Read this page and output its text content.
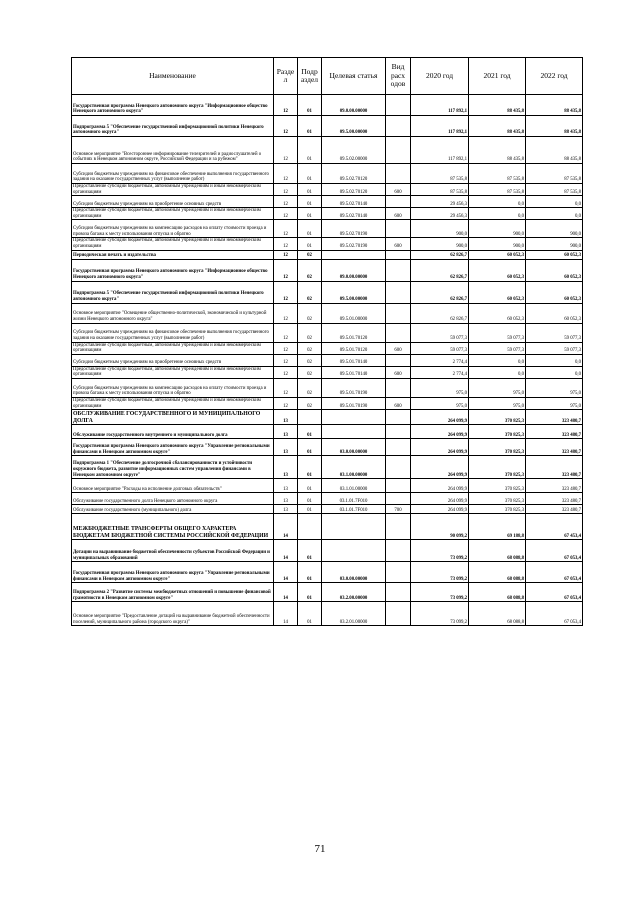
Наименование	Разде л	Подр аздел	Целевая статья	Вид расх одов	2020 год	2021 год	2022 год
Государственная программа Ненецкого автономного округа "Информационное общество Ненецкого автономного округа"	12	01	09.0.00.00000		117 892,1	88 435,8	88 435,8
Подпрограмма 5 "Обеспечение государственной информационной политики Ненецкого автономного округа"	12	01	09.5.00.00000		117 892,1	88 435,8	88 435,8
Основное мероприятие "Всестороннее информирование телезрителей и радиослушателей о событиях в Ненецком автономном округе, Российской Федерации и за рубежом"	12	01	09.5.02.00000		117 892,1	88 435,8	88 435,8
Субсидии бюджетным учреждениям на финансовое обеспечение выполнения государственного задания на оказание государственных услуг (выполнение работ)	12	01	09.5.02.70120		87 535,8	87 535,8	87 535,8
Предоставление субсидий бюджетным, автономным учреждениям и иным некоммерческим организациям	12	01	09.5.02.70120	600	87 535,8	87 535,8	87 535,8
Субсидии бюджетным учреждениям на приобретение основных средств	12	01	09.5.02.70140		29 456,3	0,0	0,0
Предоставление субсидий бюджетным, автономным учреждениям и иным некоммерческим организациям	12	01	09.5.02.70140	600	29 456,3	0,0	0,0
Субсидии бюджетным учреждениям на компенсацию расходов на оплату стоимости проезда и провоза багажа к месту использования отпуска и обратно	12	01	09.5.02.70190		900,0	900,0	900,0
Предоставление субсидий бюджетным, автономным учреждениям и иным некоммерческим организациям	12	01	09.5.02.70190	600	900,0	900,0	900,0
Периодическая печать и издательства	12	02			62 826,7	60 052,3	60 052,3
Государственная программа Ненецкого автономного округа "Информационное общество Ненецкого автономного округа"	12	02	09.0.00.00000		62 826,7	60 052,3	60 052,3
Подпрограмма 5 "Обеспечение государственной информационной политики Ненецкого автономного округа"	12	02	09.5.00.00000		62 826,7	60 052,3	60 052,3
Основное мероприятие "Освещение общественно-политической, экономической и культурной жизни Ненецкого автономного округа"	12	02	09.5.01.00000		62 826,7	60 052,3	60 052,3
Субсидии бюджетным учреждениям на финансовое обеспечение выполнения государственного задания на оказание государственных услуг (выполнение работ)	12	02	09.5.01.70120		59 077,3	59 077,3	59 077,3
Предоставление субсидий бюджетным, автономным учреждениям и иным некоммерческим организациям	12	02	09.5.01.70120	600	59 077,3	59 077,3	59 077,3
Субсидии бюджетным учреждениям на приобретение основных средств	12	02	09.5.01.70140		2 774,4	0,0	0,0
Предоставление субсидий бюджетным, автономным учреждениям и иным некоммерческим организациям	12	02	09.5.01.70140	600	2 774,4	0,0	0,0
Субсидии бюджетным учреждениям на компенсацию расходов на оплату стоимости проезда и провоза багажа к месту использования отпуска и обратно	12	02	09.5.01.70190		975,0	975,0	975,0
Предоставление субсидий бюджетным, автономным учреждениям и иным некоммерческим организациям	12	02	09.5.01.70190	600	975,0	975,0	975,0
ОБСЛУЖИВАНИЕ ГОСУДАРСТВЕННОГО И МУНИЦИПАЛЬНОГО ДОЛГА	13				264 099,9	370 825,3	323 480,7
Обслуживание государственного внутреннего и муниципального долга	13	01			264 099,9	370 825,3	323 480,7
Государственная программа Ненецкого автономного округа "Управление региональными финансами в Ненецком автономном округе"	13	01	03.0.00.00000		264 099,9	370 825,3	323 480,7
Подпрограмма 1 "Обеспечение долгосрочной сбалансированности и устойчивости окружного бюджета, развитие информационных систем управления финансами в Ненецком автономном округе"	13	01	03.1.00.00000		264 099,9	370 825,3	323 480,7
Основное мероприятие "Расходы на исполнение долговых обязательств"	13	01	03.1.01.00000		264 099,9	370 825,3	323 480,7
Обслуживание государственного долга Ненецкого автономного округа	13	01	03.1.01.7F010		264 099,9	370 825,3	323 480,7
Обслуживание государственного (муниципального) долга	13	01	03.1.01.7F010	700	264 099,9	370 825,3	323 480,7
МЕЖБЮДЖЕТНЫЕ ТРАНСФЕРТЫ ОБЩЕГО ХАРАКТЕРА БЮДЖЕТАМ БЮДЖЕТНОЙ СИСТЕМЫ РОССИЙСКОЙ ФЕДЕРАЦИИ	14				90 099,2	69 188,8	67 453,4
Дотации на выравнивание бюджетной обеспеченности субъектов Российской Федерации и муниципальных образований	14	01			73 099,2	68 088,8	67 053,4
Государственная программа Ненецкого автономного округа "Управление региональными финансами в Ненецком автономном округе"	14	01	03.0.00.00000		73 099,2	68 088,8	67 053,4
Подпрограмма 2 "Развитие системы межбюджетных отношений и повышение финансовой грамотности в Ненецком автономном округе"	14	01	03.2.00.00000		73 099,2	68 088,8	67 053,4
Основное мероприятие "Предоставление дотаций на выравнивание бюджетной обеспеченности поселений, муниципального района (городского округа)"	14	01	03.2.01.00000		73 099,2	68 088,8	67 053,4
71
